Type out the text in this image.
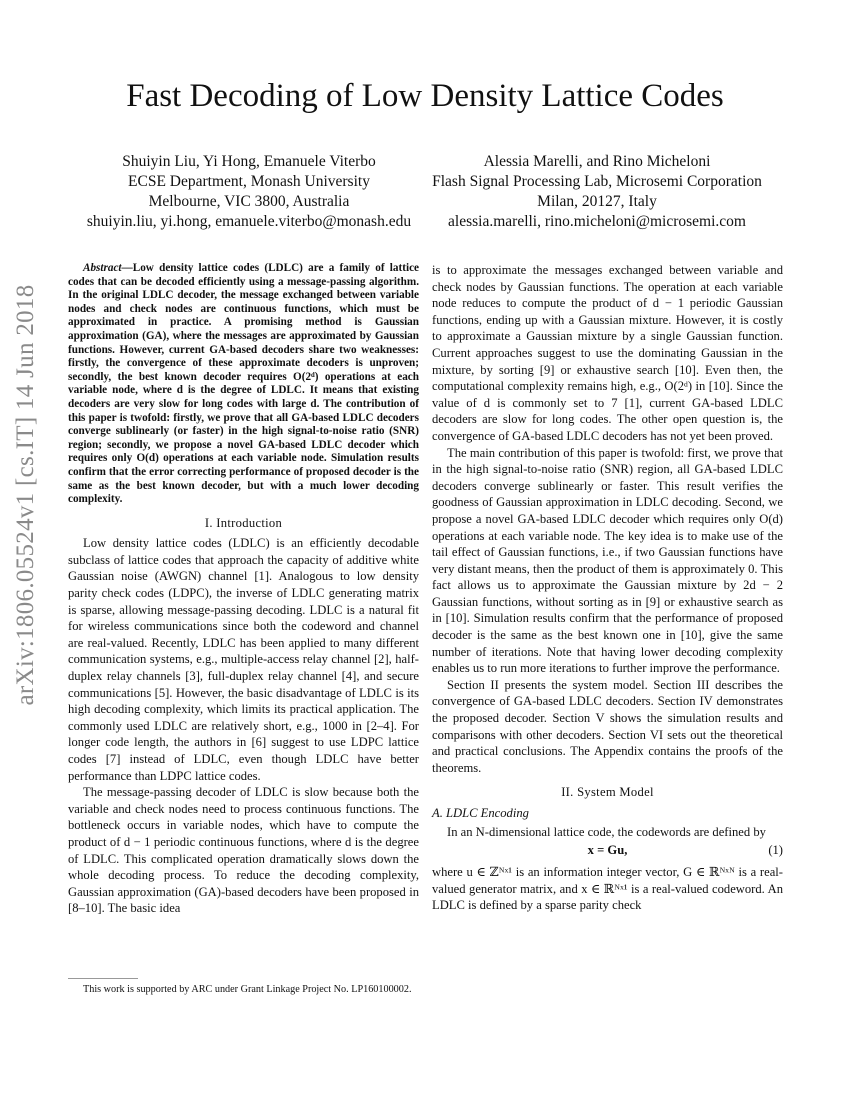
arXiv:1806.05524v1 [cs.IT] 14 Jun 2018
Fast Decoding of Low Density Lattice Codes
Shuiyin Liu, Yi Hong, Emanuele Viterbo
ECSE Department, Monash University
Melbourne, VIC 3800, Australia
shuiyin.liu, yi.hong, emanuele.viterbo@monash.edu
Alessia Marelli, and Rino Micheloni
Flash Signal Processing Lab, Microsemi Corporation
Milan, 20127, Italy
alessia.marelli, rino.micheloni@microsemi.com

Abstract—Low density lattice codes (LDLC) are a family of lattice codes that can be decoded efficiently using a message-passing algorithm. In the original LDLC decoder, the message exchanged between variable nodes and check nodes are continuous functions, which must be approximated in practice. A promising method is Gaussian approximation (GA), where the messages are approximated by Gaussian functions. However, current GA-based decoders share two weaknesses: firstly, the convergence of these approximate decoders is unproven; secondly, the best known decoder requires O(2ᵈ) operations at each variable node, where d is the degree of LDLC. It means that existing decoders are very slow for long codes with large d. The contribution of this paper is twofold: firstly, we prove that all GA-based LDLC decoders converge sublinearly (or faster) in the high signal-to-noise ratio (SNR) region; secondly, we propose a novel GA-based LDLC decoder which requires only O(d) operations at each variable node. Simulation results confirm that the error correcting performance of proposed decoder is the same as the best known decoder, but with a much lower decoding complexity.

I. Introduction

Low density lattice codes (LDLC) is an efficiently decodable subclass of lattice codes that approach the capacity of additive white Gaussian noise (AWGN) channel [1]. Analogous to low density parity check codes (LDPC), the inverse of LDLC generating matrix is sparse, allowing message-passing decoding. LDLC is a natural fit for wireless communications since both the codeword and channel are real-valued. Recently, LDLC has been applied to many different communication systems, e.g., multiple-access relay channel [2], half-duplex relay channels [3], full-duplex relay channel [4], and secure communications [5]. However, the basic disadvantage of LDLC is its high decoding complexity, which limits its practical application. The commonly used LDLC are relatively short, e.g., 1000 in [2–4]. For longer code length, the authors in [6] suggest to use LDPC lattice codes [7] instead of LDLC, even though LDLC have better performance than LDPC lattice codes.

The message-passing decoder of LDLC is slow because both the variable and check nodes need to process continuous functions. The bottleneck occurs in variable nodes, which have to compute the product of d − 1 periodic continuous functions, where d is the degree of LDLC. This complicated operation dramatically slows down the whole decoding process. To reduce the decoding complexity, Gaussian approximation (GA)-based decoders have been proposed in [8–10]. The basic idea

This work is supported by ARC under Grant Linkage Project No. LP160100002.

is to approximate the messages exchanged between variable and check nodes by Gaussian functions. The operation at each variable node reduces to compute the product of d − 1 periodic Gaussian functions, ending up with a Gaussian mixture. However, it is costly to approximate a Gaussian mixture by a single Gaussian function. Current approaches suggest to use the dominating Gaussian in the mixture, by sorting [9] or exhaustive search [10]. Even then, the computational complexity remains high, e.g., O(2ᵈ) in [10]. Since the value of d is commonly set to 7 [1], current GA-based LDLC decoders are slow for long codes. The other open question is, the convergence of GA-based LDLC decoders has not yet been proved.

The main contribution of this paper is twofold: first, we prove that in the high signal-to-noise ratio (SNR) region, all GA-based LDLC decoders converge sublinearly or faster. This result verifies the goodness of Gaussian approximation in LDLC decoding. Second, we propose a novel GA-based LDLC decoder which requires only O(d) operations at each variable node. The key idea is to make use of the tail effect of Gaussian functions, i.e., if two Gaussian functions have very distant means, then the product of them is approximately 0. This fact allows us to approximate the Gaussian mixture by 2d − 2 Gaussian functions, without sorting as in [9] or exhaustive search as in [10]. Simulation results confirm that the performance of proposed decoder is the same as the best known one in [10], give the same number of iterations. Note that having lower decoding complexity enables us to run more iterations to further improve the performance.

Section II presents the system model. Section III describes the convergence of GA-based LDLC decoders. Section IV demonstrates the proposed decoder. Section V shows the simulation results and comparisons with other decoders. Section VI sets out the theoretical and practical conclusions. The Appendix contains the proofs of the theorems.

II. System Model
A. LDLC Encoding

In an N-dimensional lattice code, the codewords are defined by

x = Gu,	(1)

where u ∈ ℤᴺˣ¹ is an information integer vector, G ∈ ℝᴺˣᴺ is a real-valued generator matrix, and x ∈ ℝᴺˣ¹ is a real-valued codeword. An LDLC is defined by a sparse parity check
